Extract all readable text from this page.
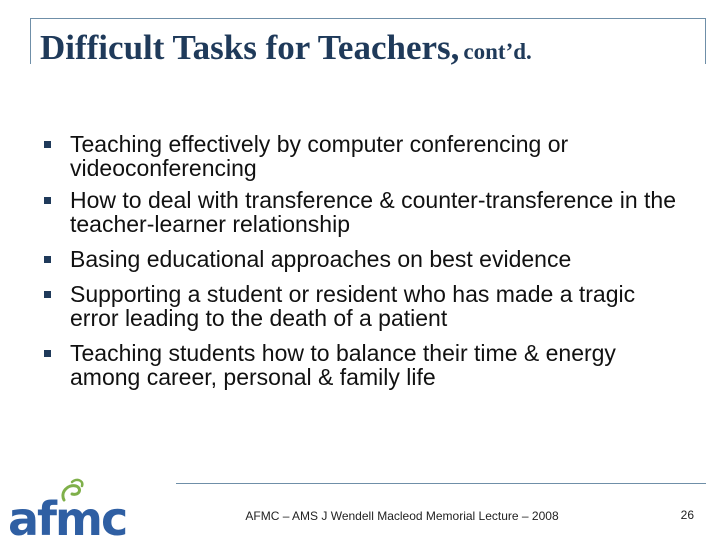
Difficult Tasks for Teachers, cont’d.
Teaching effectively by computer conferencing or videoconferencing
How to deal with transference & counter-transference in the teacher-learner relationship
Basing educational approaches on best evidence
Supporting a student or resident who has made a tragic error leading to the death of a patient
Teaching students how to balance their time & energy among career, personal & family life
afmc	AFMC – AMS J Wendell Macleod Memorial Lecture – 2008	26
